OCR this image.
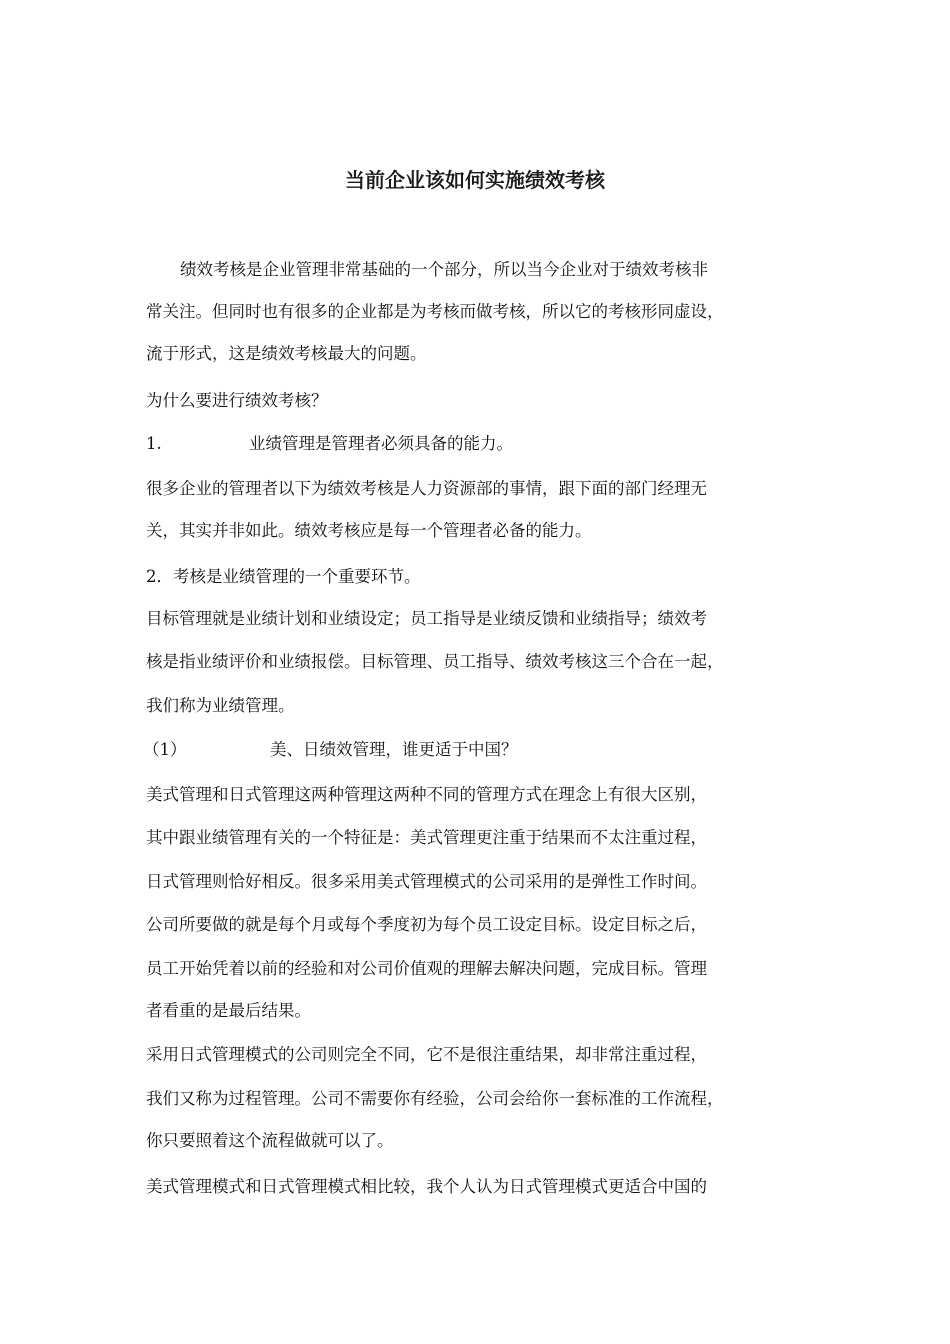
当前企业该如何实施绩效考核
绩效考核是企业管理非常基础的一个部分，所以当今企业对于绩效考核非
常关注。但同时也有很多的企业都是为考核而做考核，所以它的考核形同虚设，
流于形式，这是绩效考核最大的问题。
为什么要进行绩效考核？
1.	业绩管理是管理者必须具备的能力。
很多企业的管理者以下为绩效考核是人力资源部的事情，跟下面的部门经理无
关，其实并非如此。绩效考核应是每一个管理者必备的能力。
2．考核是业绩管理的一个重要环节。
目标管理就是业绩计划和业绩设定；员工指导是业绩反馈和业绩指导；绩效考
核是指业绩评价和业绩报偿。目标管理、员工指导、绩效考核这三个合在一起，
我们称为业绩管理。
（1）	美、日绩效管理，谁更适于中国？
美式管理和日式管理这两种管理这两种不同的管理方式在理念上有很大区别，
其中跟业绩管理有关的一个特征是：美式管理更注重于结果而不太注重过程，
日式管理则恰好相反。很多采用美式管理模式的公司采用的是弹性工作时间。
公司所要做的就是每个月或每个季度初为每个员工设定目标。设定目标之后，
员工开始凭着以前的经验和对公司价值观的理解去解决问题，完成目标。管理
者看重的是最后结果。
采用日式管理模式的公司则完全不同，它不是很注重结果，却非常注重过程，
我们又称为过程管理。公司不需要你有经验，公司会给你一套标准的工作流程，
你只要照着这个流程做就可以了。
美式管理模式和日式管理模式相比较，我个人认为日式管理模式更适合中国的
